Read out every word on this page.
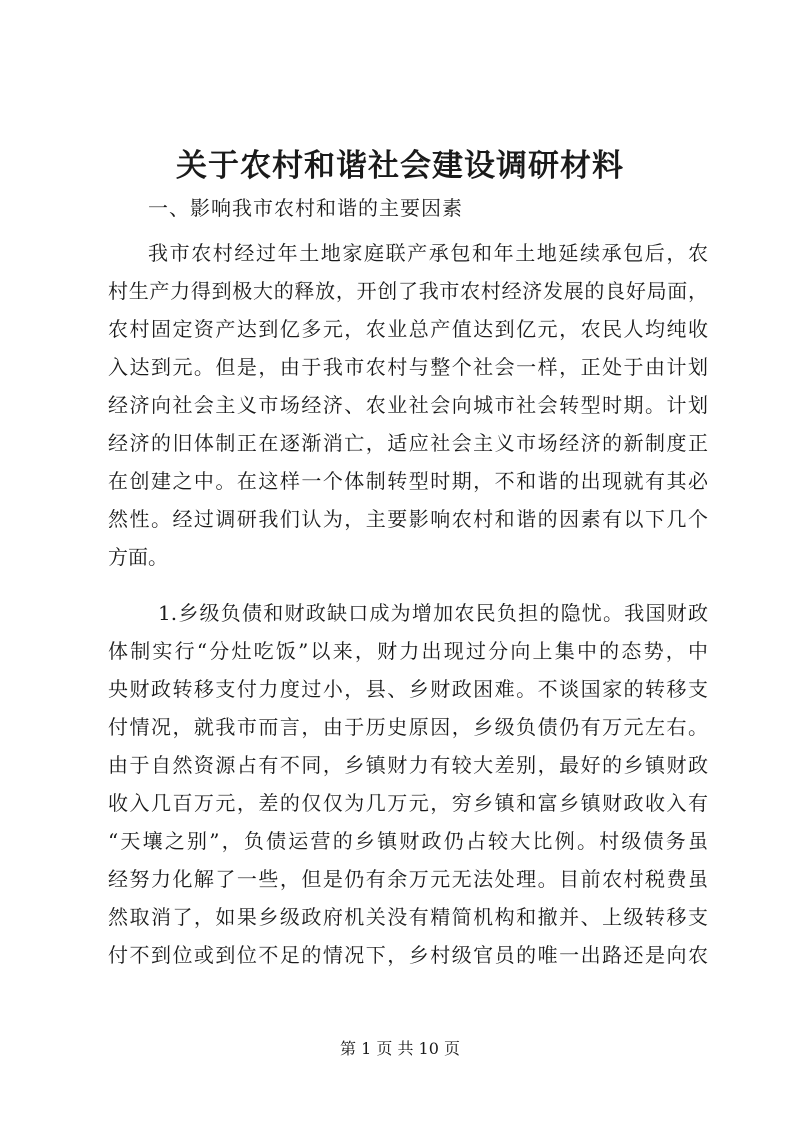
关于农村和谐社会建设调研材料
一、影响我市农村和谐的主要因素
我市农村经过年土地家庭联产承包和年土地延续承包后，农
村生产力得到极大的释放，开创了我市农村经济发展的良好局面，
农村固定资产达到亿多元，农业总产值达到亿元，农民人均纯收
入达到元。但是，由于我市农村与整个社会一样，正处于由计划
经济向社会主义市场经济、农业社会向城市社会转型时期。计划
经济的旧体制正在逐渐消亡，适应社会主义市场经济的新制度正
在创建之中。在这样一个体制转型时期，不和谐的出现就有其必
然性。经过调研我们认为，主要影响农村和谐的因素有以下几个
方面。
1.乡级负债和财政缺口成为增加农民负担的隐忧。我国财政
体制实行“分灶吃饭”以来，财力出现过分向上集中的态势，中
央财政转移支付力度过小，县、乡财政困难。不谈国家的转移支
付情况，就我市而言，由于历史原因，乡级负债仍有万元左右。
由于自然资源占有不同，乡镇财力有较大差别，最好的乡镇财政
收入几百万元，差的仅仅为几万元，穷乡镇和富乡镇财政收入有
“天壤之别”，负债运营的乡镇财政仍占较大比例。村级债务虽
经努力化解了一些，但是仍有余万元无法处理。目前农村税费虽
然取消了，如果乡级政府机关没有精简机构和撤并、上级转移支
付不到位或到位不足的情况下，乡村级官员的唯一出路还是向农
第 1 页 共 10 页
